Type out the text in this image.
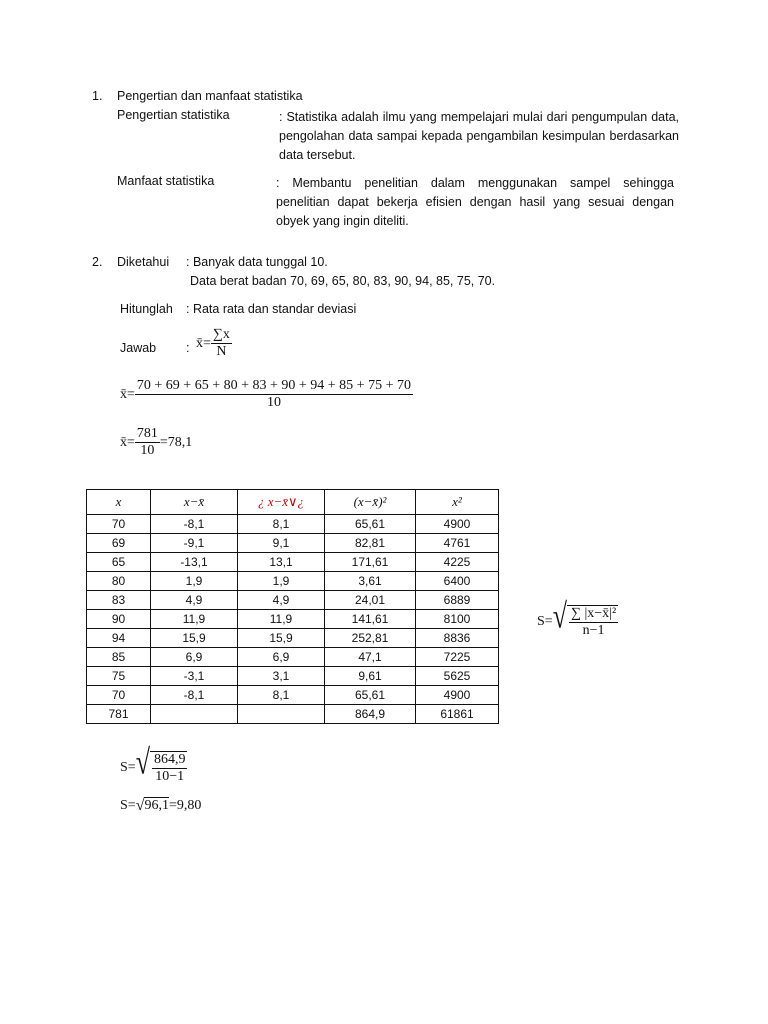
1. Pengertian dan manfaat statistika
Pengertian statistika	: Statistika adalah ilmu yang mempelajari mulai dari pengumpulan data, pengolahan data sampai kepada pengambilan kesimpulan berdasarkan data tersebut.
Manfaat statistika	: Membantu penelitian dalam menggunakan sampel sehingga penelitian dapat bekerja efisien dengan hasil yang sesuai dengan obyek yang ingin diteliti.
2. Diketahui : Banyak data tunggal 10.
Data berat badan 70, 69, 65, 80, 83, 90, 94, 85, 75, 70.
Hitunglah : Rata rata dan standar deviasi
Jawab : x̄= $\frac{\sum x}{N}$
x̄= $\frac{70 + 69 + 65 + 80 + 83 + 90 + 94 + 85 + 75 + 70}{10}$
x̄= $\frac{781}{10} =78,1$
x	x−x̄	¿ x−x̄∨¿	(x−x̄)²	x²
70	-8,1	8,1	65,61	4900
69	-9,1	9,1	82,81	4761
65	-13,1	13,1	171,61	4225
80	1,9	1,9	3,61	6400
83	4,9	4,9	24,01	6889
90	11,9	11,9	141,61	8100
94	15,9	15,9	252,81	8836
85	6,9	6,9	47,1	7225
75	-3,1	3,1	9,61	5625
70	-8,1	8,1	65,61	4900
781			864,9	61861
S= √ $\frac{\text{∑ |x−x̄|²}}{n-1}$
S= √ $\frac{864,9}{10-1}$
S= √ 96,1 =9,80
